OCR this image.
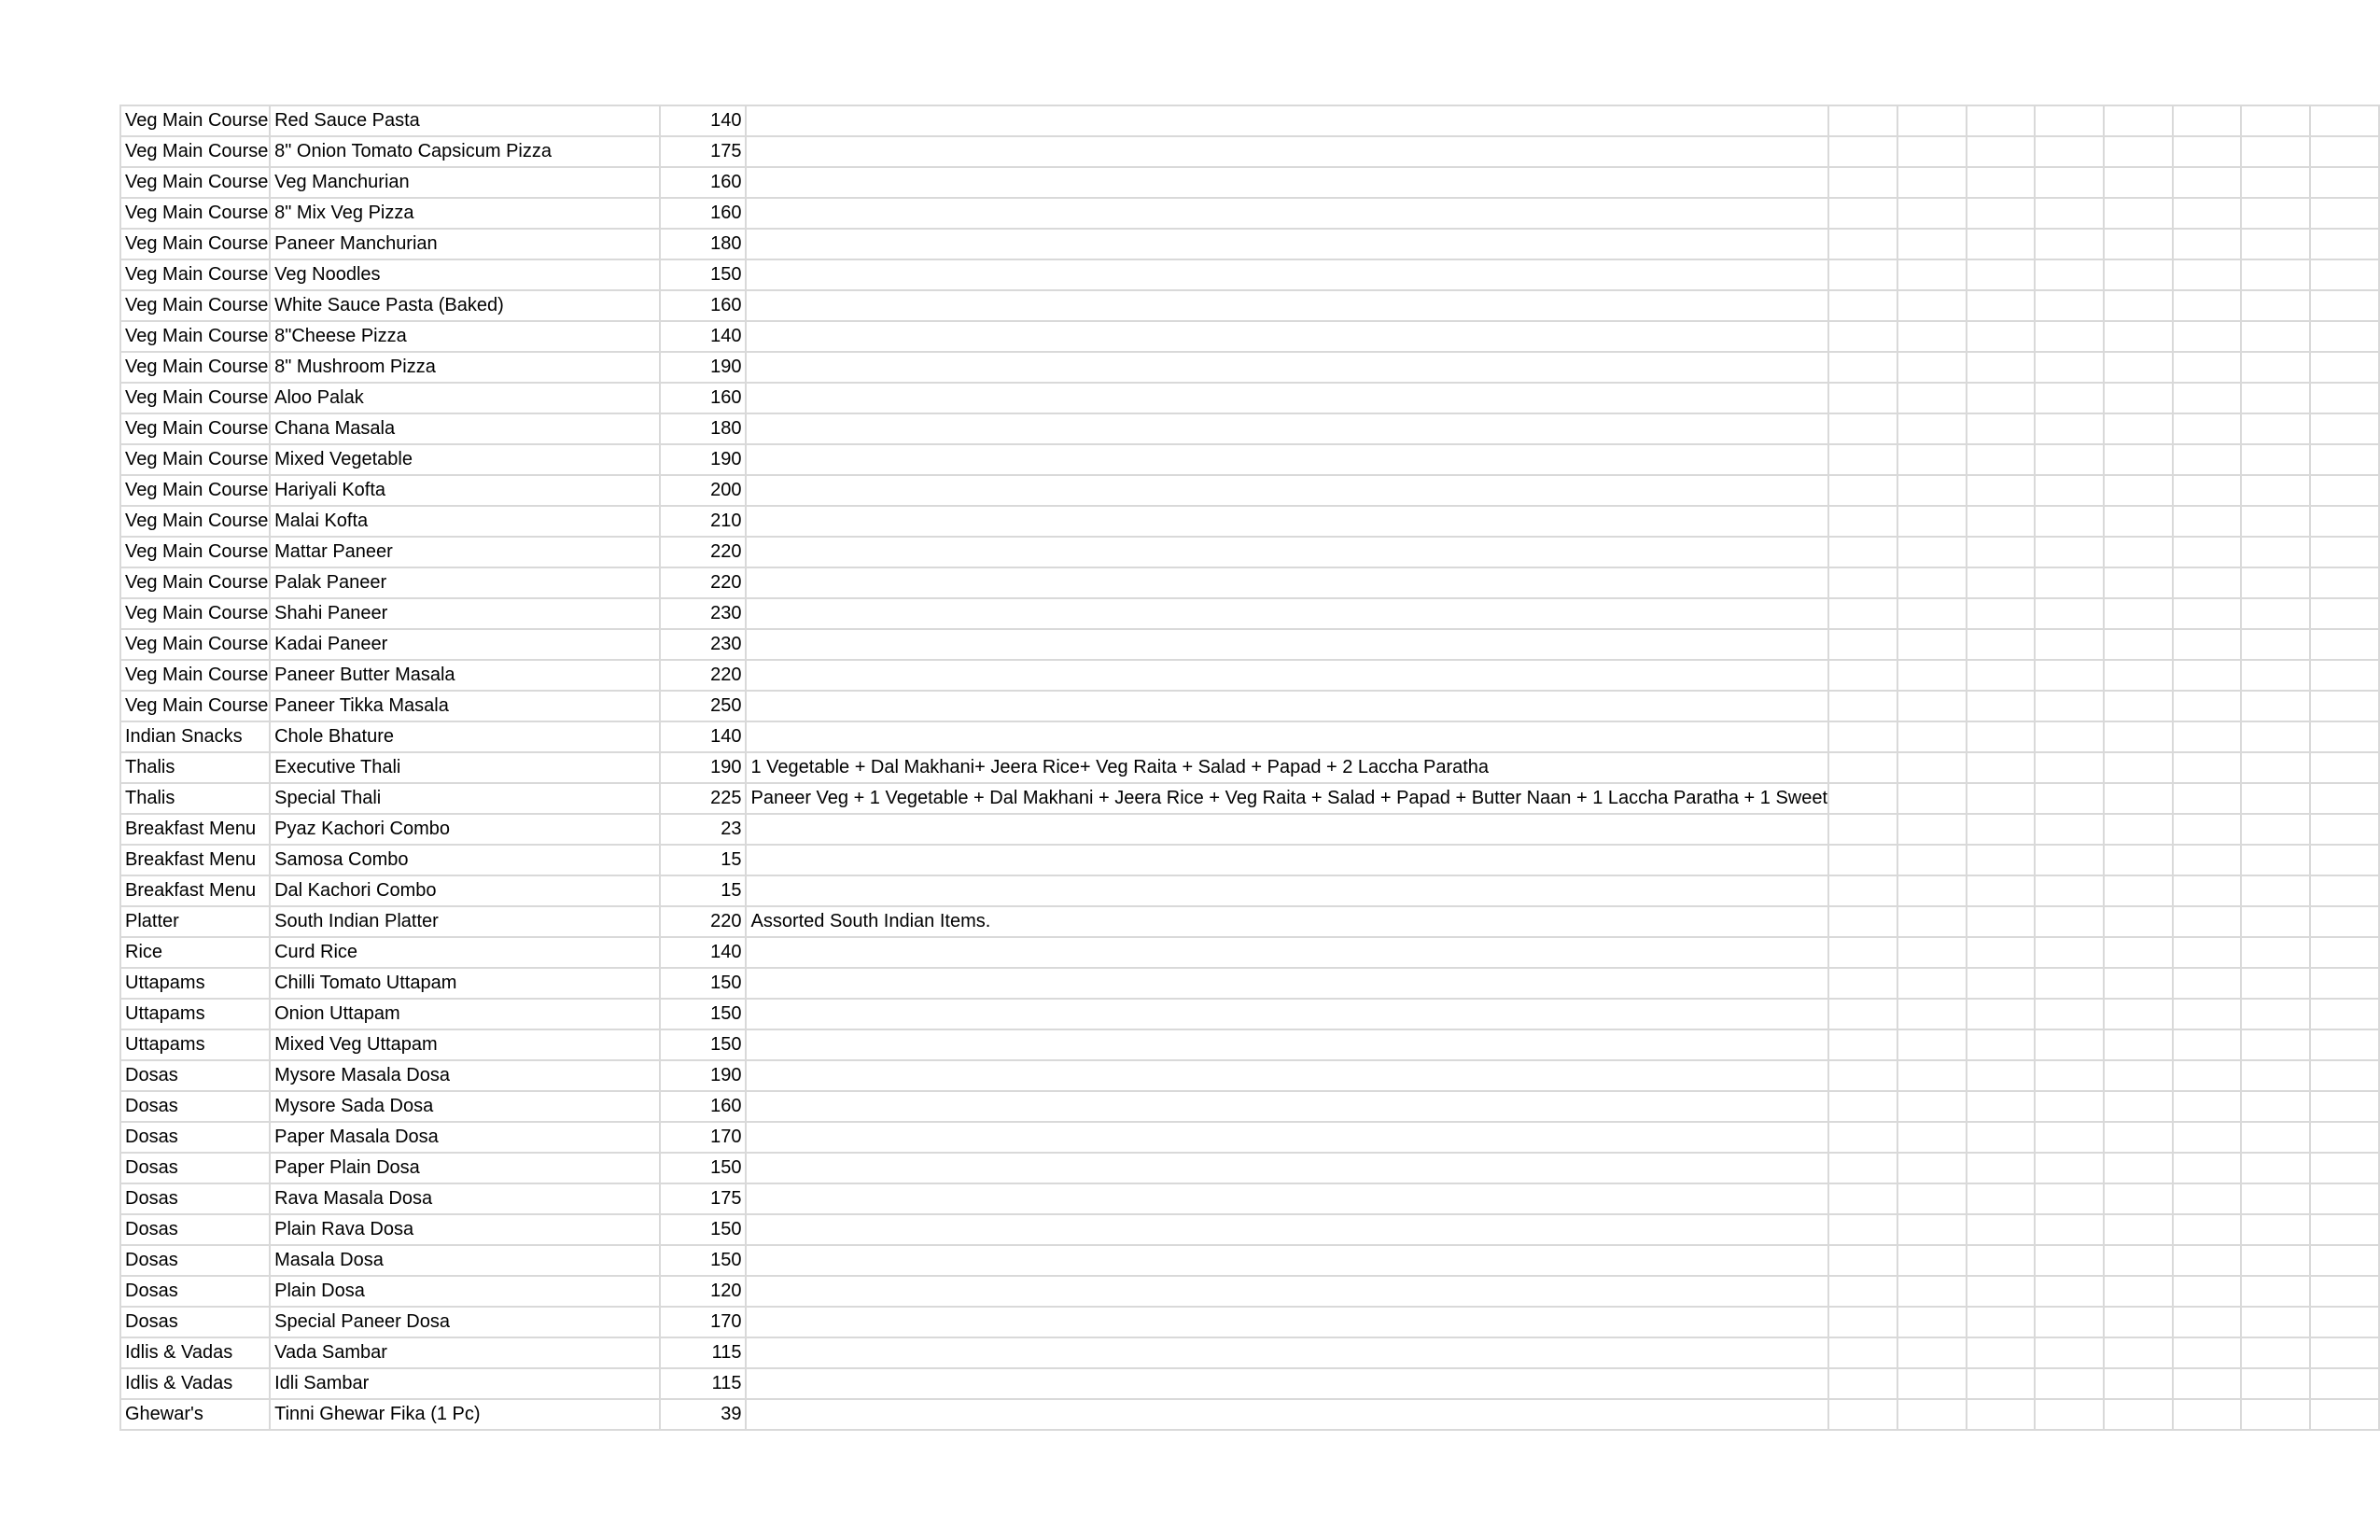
Veg Main Course	Red Sauce Pasta	140									
Veg Main Course	8" Onion Tomato Capsicum Pizza	175									
Veg Main Course	Veg Manchurian	160									
Veg Main Course	8" Mix Veg Pizza	160									
Veg Main Course	Paneer Manchurian	180									
Veg Main Course	Veg Noodles	150									
Veg Main Course	White Sauce Pasta (Baked)	160									
Veg Main Course	8"Cheese Pizza	140									
Veg Main Course	8" Mushroom Pizza	190									
Veg Main Course	Aloo Palak	160									
Veg Main Course	Chana Masala	180									
Veg Main Course	Mixed Vegetable	190									
Veg Main Course	Hariyali Kofta	200									
Veg Main Course	Malai Kofta	210									
Veg Main Course	Mattar Paneer	220									
Veg Main Course	Palak Paneer	220									
Veg Main Course	Shahi Paneer	230									
Veg Main Course	Kadai Paneer	230									
Veg Main Course	Paneer Butter Masala	220									
Veg Main Course	Paneer Tikka Masala	250									
Indian Snacks	Chole Bhature	140									
Thalis	Executive Thali	190	1 Vegetable + Dal Makhani+ Jeera Rice+ Veg Raita + Salad + Papad + 2 Laccha Paratha								
Thalis	Special Thali	225	Paneer Veg + 1 Vegetable + Dal Makhani + Jeera Rice + Veg Raita + Salad + Papad + Butter Naan + 1 Laccha Paratha + 1 Sweet								
Breakfast Menu	Pyaz Kachori Combo	23									
Breakfast Menu	Samosa Combo	15									
Breakfast Menu	Dal Kachori Combo	15									
Platter	South Indian Platter	220	Assorted South Indian Items.								
Rice	Curd Rice	140									
Uttapams	Chilli Tomato Uttapam	150									
Uttapams	Onion Uttapam	150									
Uttapams	Mixed Veg Uttapam	150									
Dosas	Mysore Masala Dosa	190									
Dosas	Mysore Sada Dosa	160									
Dosas	Paper Masala Dosa	170									
Dosas	Paper Plain Dosa	150									
Dosas	Rava Masala Dosa	175									
Dosas	Plain Rava Dosa	150									
Dosas	Masala Dosa	150									
Dosas	Plain Dosa	120									
Dosas	Special Paneer Dosa	170									
Idlis & Vadas	Vada Sambar	115									
Idlis & Vadas	Idli Sambar	115									
Ghewar's	Tinni Ghewar Fika (1 Pc)	39									
